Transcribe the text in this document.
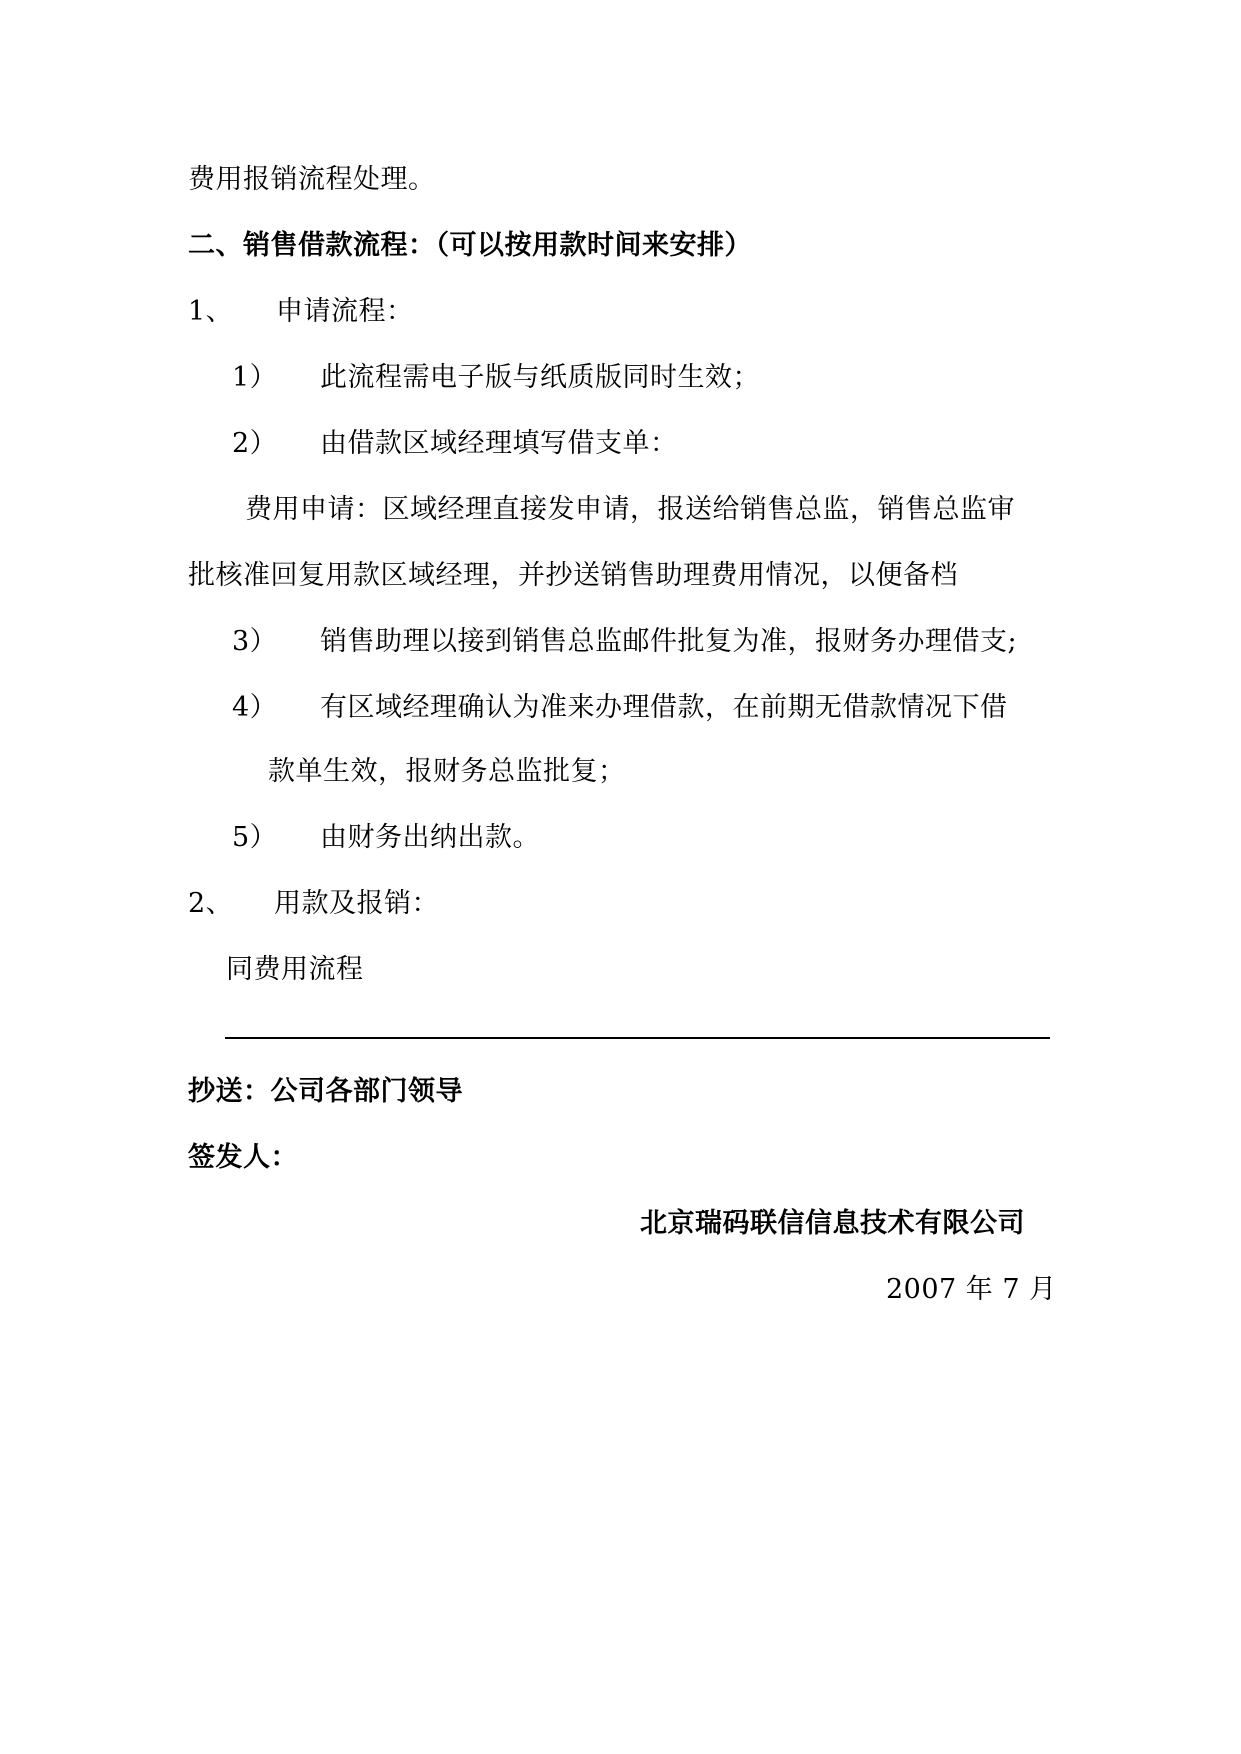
费用报销流程处理。
二、销售借款流程：（可以按用款时间来安排）
1、 申请流程：
1） 此流程需电子版与纸质版同时生效；
2） 由借款区域经理填写借支单：
费用申请：区域经理直接发申请，报送给销售总监，销售总监审
批核准回复用款区域经理，并抄送销售助理费用情况，以便备档
3） 销售助理以接到销售总监邮件批复为准，报财务办理借支;
4） 有区域经理确认为准来办理借款，在前期无借款情况下借
款单生效，报财务总监批复；
5） 由财务出纳出款。
2、 用款及报销：
同费用流程
抄送：公司各部门领导
签发人：
北京瑞码联信信息技术有限公司
2007 年 7 月
